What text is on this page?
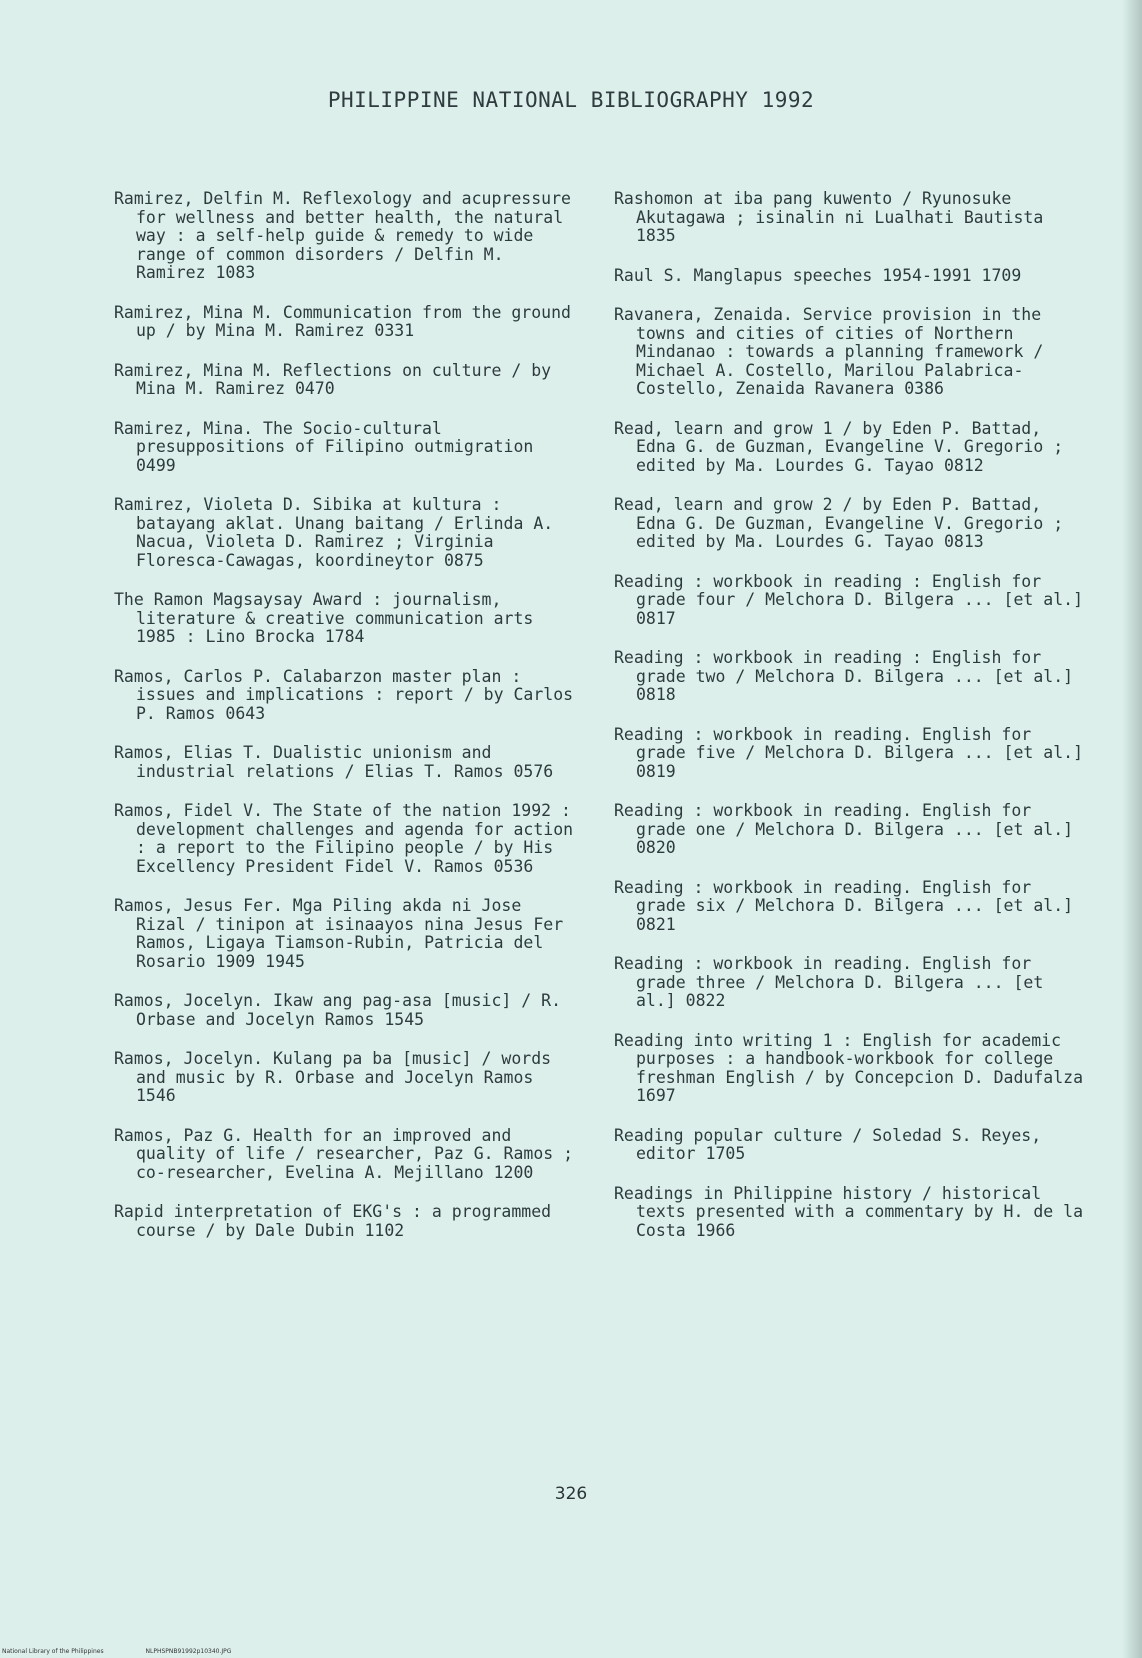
PHILIPPINE NATIONAL BIBLIOGRAPHY 1992

Ramirez, Delfin M. Reflexology and acupressure for wellness and better health, the natural way : a self-help guide & remedy to wide range of common disorders / Delfin M. Ramirez 1083

Ramirez, Mina M. Communication from the ground up / by Mina M. Ramirez 0331

Ramirez, Mina M. Reflections on culture / by Mina M. Ramirez 0470

Ramirez, Mina. The Socio-cultural presuppositions of Filipino outmigration 0499

Ramirez, Violeta D. Sibika at kultura : batayang aklat. Unang baitang / Erlinda A. Nacua, Violeta D. Ramirez ; Virginia Floresca-Cawagas, koordineytor 0875

The Ramon Magsaysay Award : journalism, literature & creative communication arts 1985 : Lino Brocka 1784

Ramos, Carlos P. Calabarzon master plan : issues and implications : report / by Carlos P. Ramos 0643

Ramos, Elias T. Dualistic unionism and industrial relations / Elias T. Ramos 0576

Ramos, Fidel V. The State of the nation 1992 : development challenges and agenda for action : a report to the Filipino people / by His Excellency President Fidel V. Ramos 0536

Ramos, Jesus Fer. Mga Piling akda ni Jose Rizal / tinipon at isinaayos nina Jesus Fer Ramos, Ligaya Tiamson-Rubin, Patricia del Rosario 1909 1945

Ramos, Jocelyn. Ikaw ang pag-asa [music] / R. Orbase and Jocelyn Ramos 1545

Ramos, Jocelyn. Kulang pa ba [music] / words and music by R. Orbase and Jocelyn Ramos 1546

Ramos, Paz G. Health for an improved and quality of life / researcher, Paz G. Ramos ; co-researcher, Evelina A. Mejillano 1200

Rapid interpretation of EKG's : a programmed course / by Dale Dubin 1102

Rashomon at iba pang kuwento / Ryunosuke Akutagawa ; isinalin ni Lualhati Bautista 1835

Raul S. Manglapus speeches 1954-1991 1709

Ravanera, Zenaida. Service provision in the towns and cities of cities of Northern Mindanao : towards a planning framework / Michael A. Costello, Marilou Palabrica-Costello, Zenaida Ravanera 0386

Read, learn and grow 1 / by Eden P. Battad, Edna G. de Guzman, Evangeline V. Gregorio ; edited by Ma. Lourdes G. Tayao 0812

Read, learn and grow 2 / by Eden P. Battad, Edna G. De Guzman, Evangeline V. Gregorio ; edited by Ma. Lourdes G. Tayao 0813

Reading : workbook in reading : English for grade four / Melchora D. Bilgera ... [et al.] 0817

Reading : workbook in reading : English for grade two / Melchora D. Bilgera ... [et al.] 0818

Reading : workbook in reading. English for grade five / Melchora D. Bilgera ... [et al.] 0819

Reading : workbook in reading. English for grade one / Melchora D. Bilgera ... [et al.] 0820

Reading : workbook in reading. English for grade six / Melchora D. Bilgera ... [et al.] 0821

Reading : workbook in reading. English for grade three / Melchora D. Bilgera ... [et al.] 0822

Reading into writing 1 : English for academic purposes : a handbook-workbook for college freshman English / by Concepcion D. Dadufalza 1697

Reading popular culture / Soledad S. Reyes, editor 1705

Readings in Philippine history / historical texts presented with a commentary by H. de la Costa 1966

326
National Library of the Philippines	NLPHSPNB91992p10340.JPG
